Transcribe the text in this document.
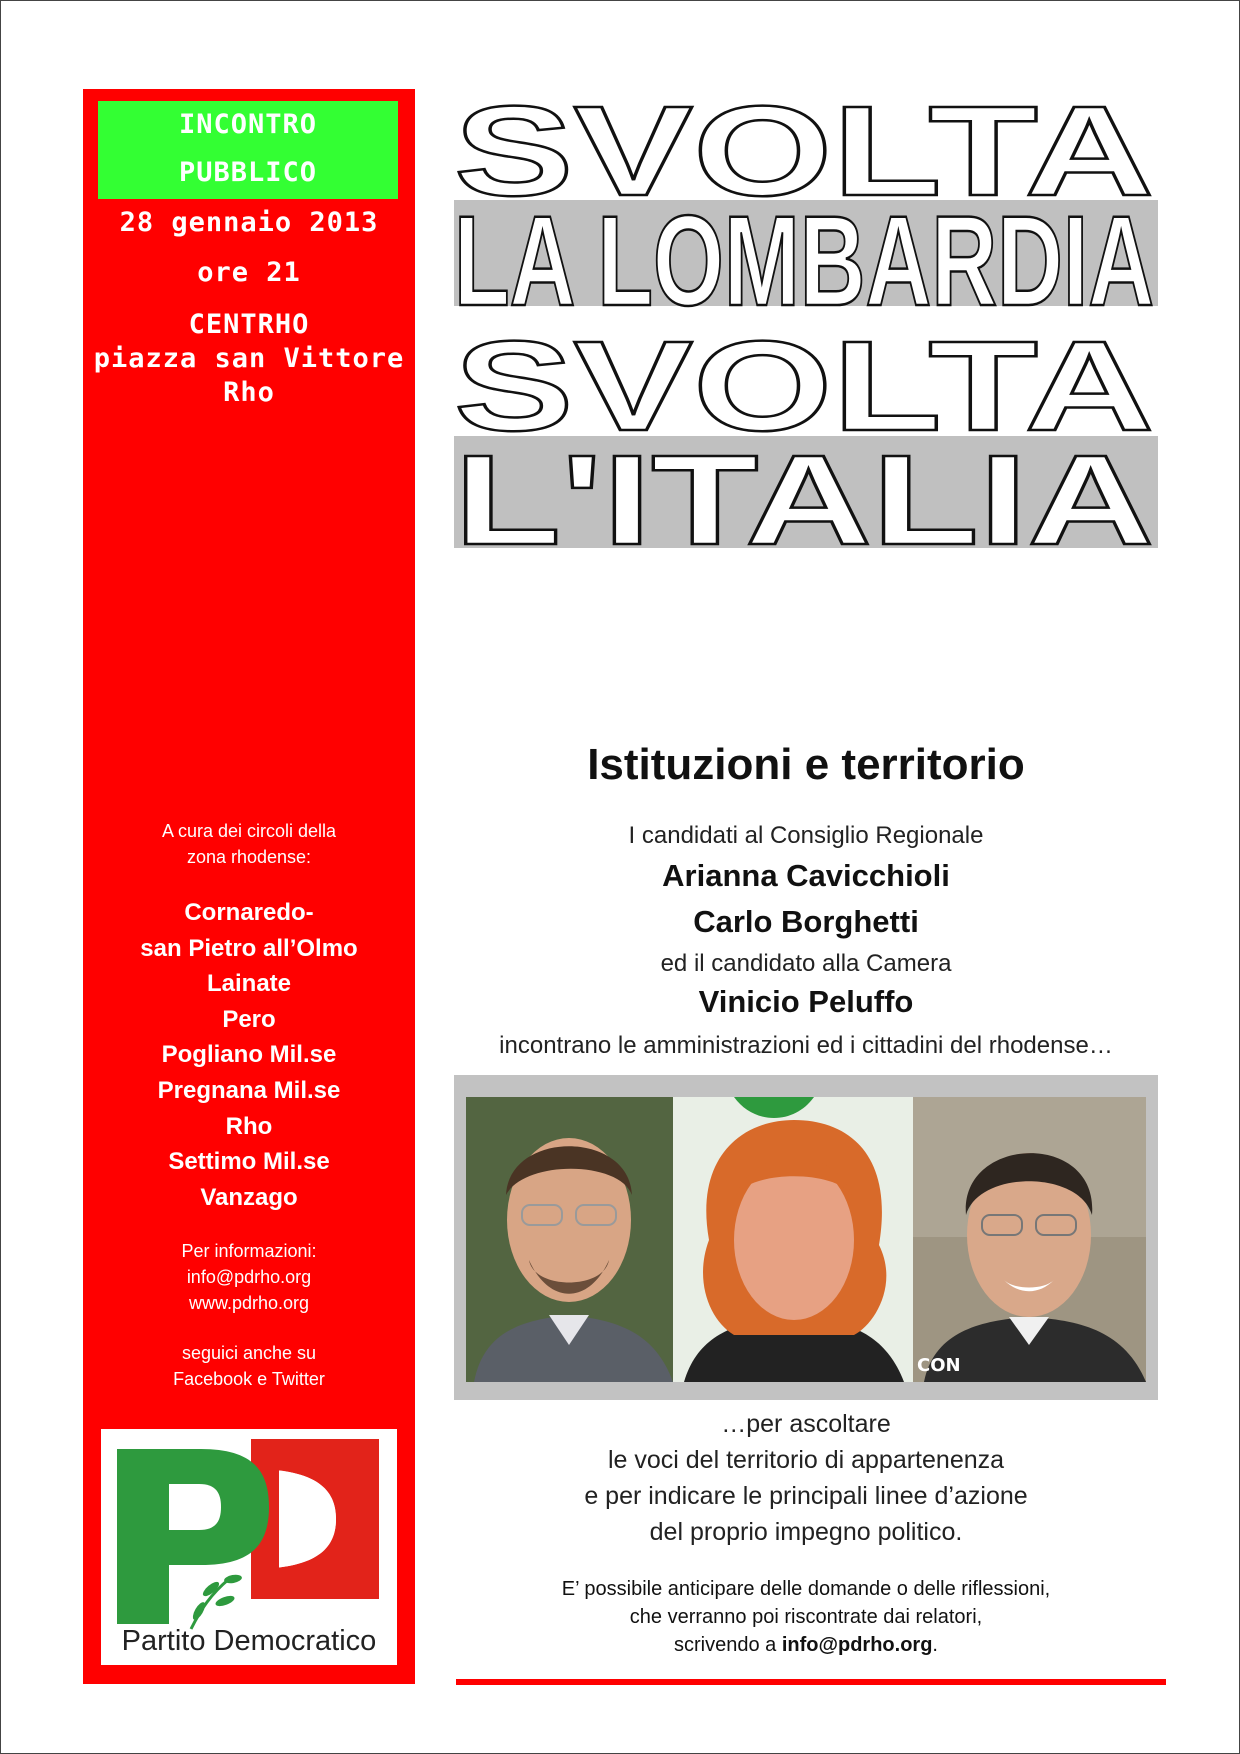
INCONTRO
PUBBLICO
28 gennaio 2013
ore 21
CENTRHO
piazza san Vittore
Rho
A cura dei circoli della
zona rhodense:
Cornaredo-
san Pietro all’Olmo
Lainate
Pero
Pogliano Mil.se
Pregnana Mil.se
Rho
Settimo Mil.se
Vanzago
Per informazioni:
info@pdrho.org
www.pdrho.org
seguici anche su
Facebook e Twitter
Partito Democratico
SVOLTA
LA LOMBARDIA
SVOLTA
L'ITALIA
Istituzioni e territorio
I candidati al Consiglio Regionale
Arianna Cavicchioli
Carlo Borghetti
ed il candidato alla Camera
Vinicio Peluffo
incontrano le amministrazioni ed i cittadini del rhodense…
CON
…per ascoltare
le voci del territorio di appartenenza
e per indicare le principali linee d’azione
del proprio impegno politico.
E’ possibile anticipare delle domande o delle riflessioni,
che verranno poi riscontrate dai relatori,
scrivendo a info@pdrho.org.
